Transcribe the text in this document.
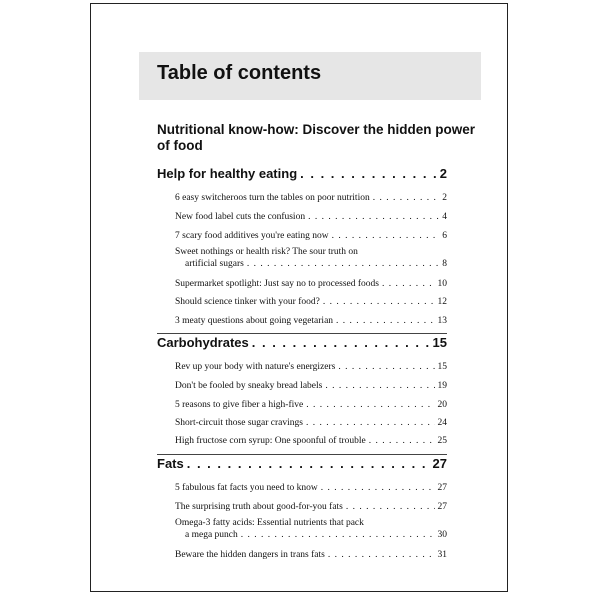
Table of contents
Nutritional know-how: Discover the hidden power of food
Help for healthy eating . . .	2
6 easy switcheroos turn the tables on poor nutrition . . .	2
New food label cuts the confusion . . .	4
7 scary food additives you're eating now . . .	6
Sweet nothings or health risk? The sour truth on
artificial sugars . . .	8
Supermarket spotlight: Just say no to processed foods . . .	10
Should science tinker with your food? . . .	12
3 meaty questions about going vegetarian . . .	13
Carbohydrates . . .	15
Rev up your body with nature's energizers . . .	15
Don't be fooled by sneaky bread labels . . .	19
5 reasons to give fiber a high-five . . .	20
Short-circuit those sugar cravings . . .	24
High fructose corn syrup: One spoonful of trouble . . .	25
Fats . . .	27
5 fabulous fat facts you need to know . . .	27
The surprising truth about good-for-you fats . . .	27
Omega-3 fatty acids: Essential nutrients that pack
a mega punch . . .	30
Beware the hidden dangers in trans fats . . .	31
